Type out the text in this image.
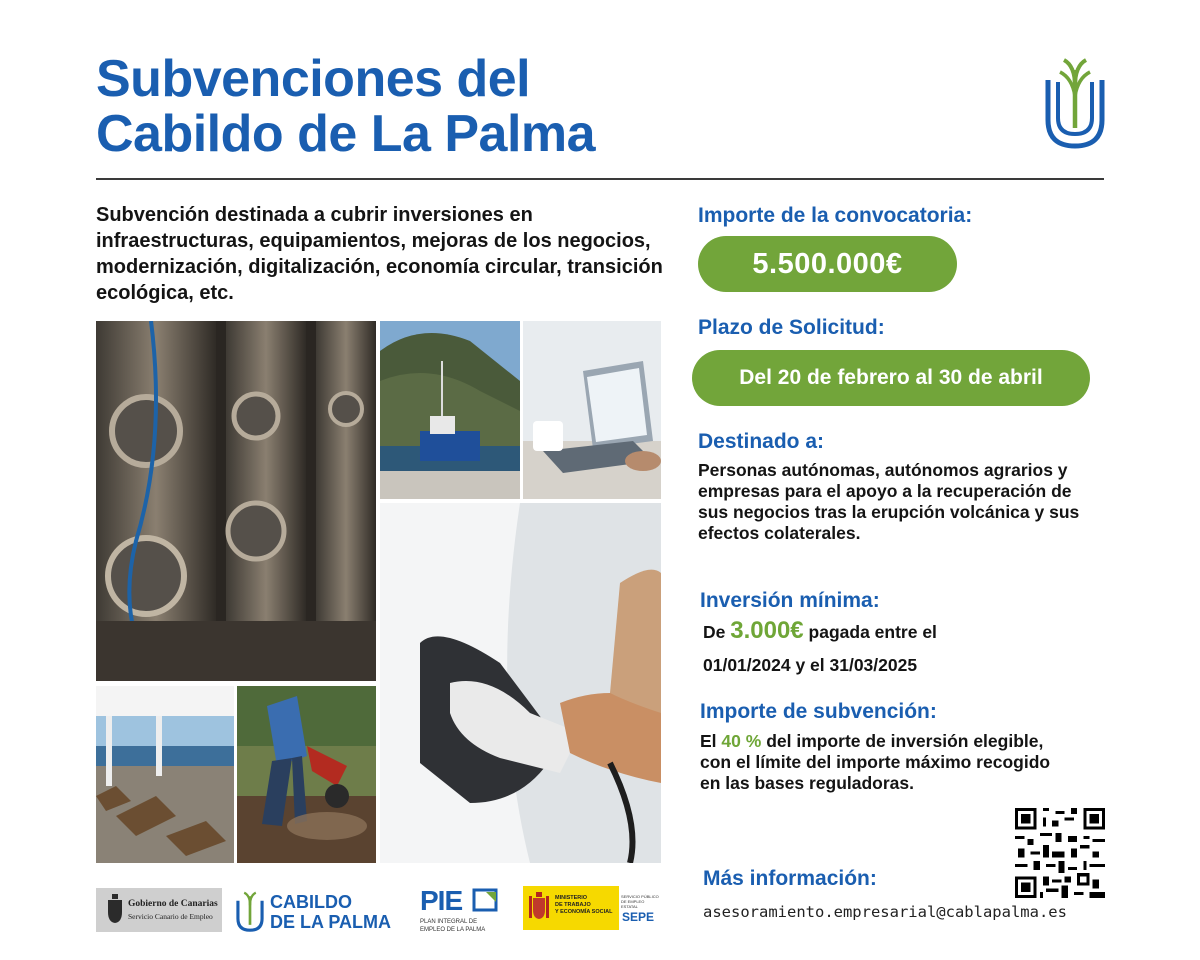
Subvenciones del
Cabildo de La Palma
Subvención destinada a cubrir inversiones en infraestructuras, equipamientos, mejoras de los negocios, modernización, digitalización, economía circular, transición ecológica, etc.
Importe de la convocatoria:
5.500.000€
Plazo de Solicitud:
Del 20 de febrero al 30 de abril
Destinado a:
Personas autónomas, autónomos agrarios y empresas para el apoyo a la recuperación de sus negocios tras la erupción volcánica y sus efectos colaterales.
Inversión mínima:
De 3.000€ pagada entre el
01/01/2024 y el 31/03/2025
Importe de subvención:
El 40 % del importe de inversión elegible, con el límite del importe máximo recogido en las bases reguladoras.
Más información:
asesoramiento.empresarial@cablapalma.es
Gobierno de Canarias
Servicio Canario de Empleo
CABILDO
DE LA PALMA
PIE
PLAN INTEGRAL DE
EMPLEO DE LA PALMA
MINISTERIO
DE TRABAJO
Y ECONOMÍA SOCIAL
SERVICIO PÚBLICO DE EMPLEO ESTATAL
SEPE
